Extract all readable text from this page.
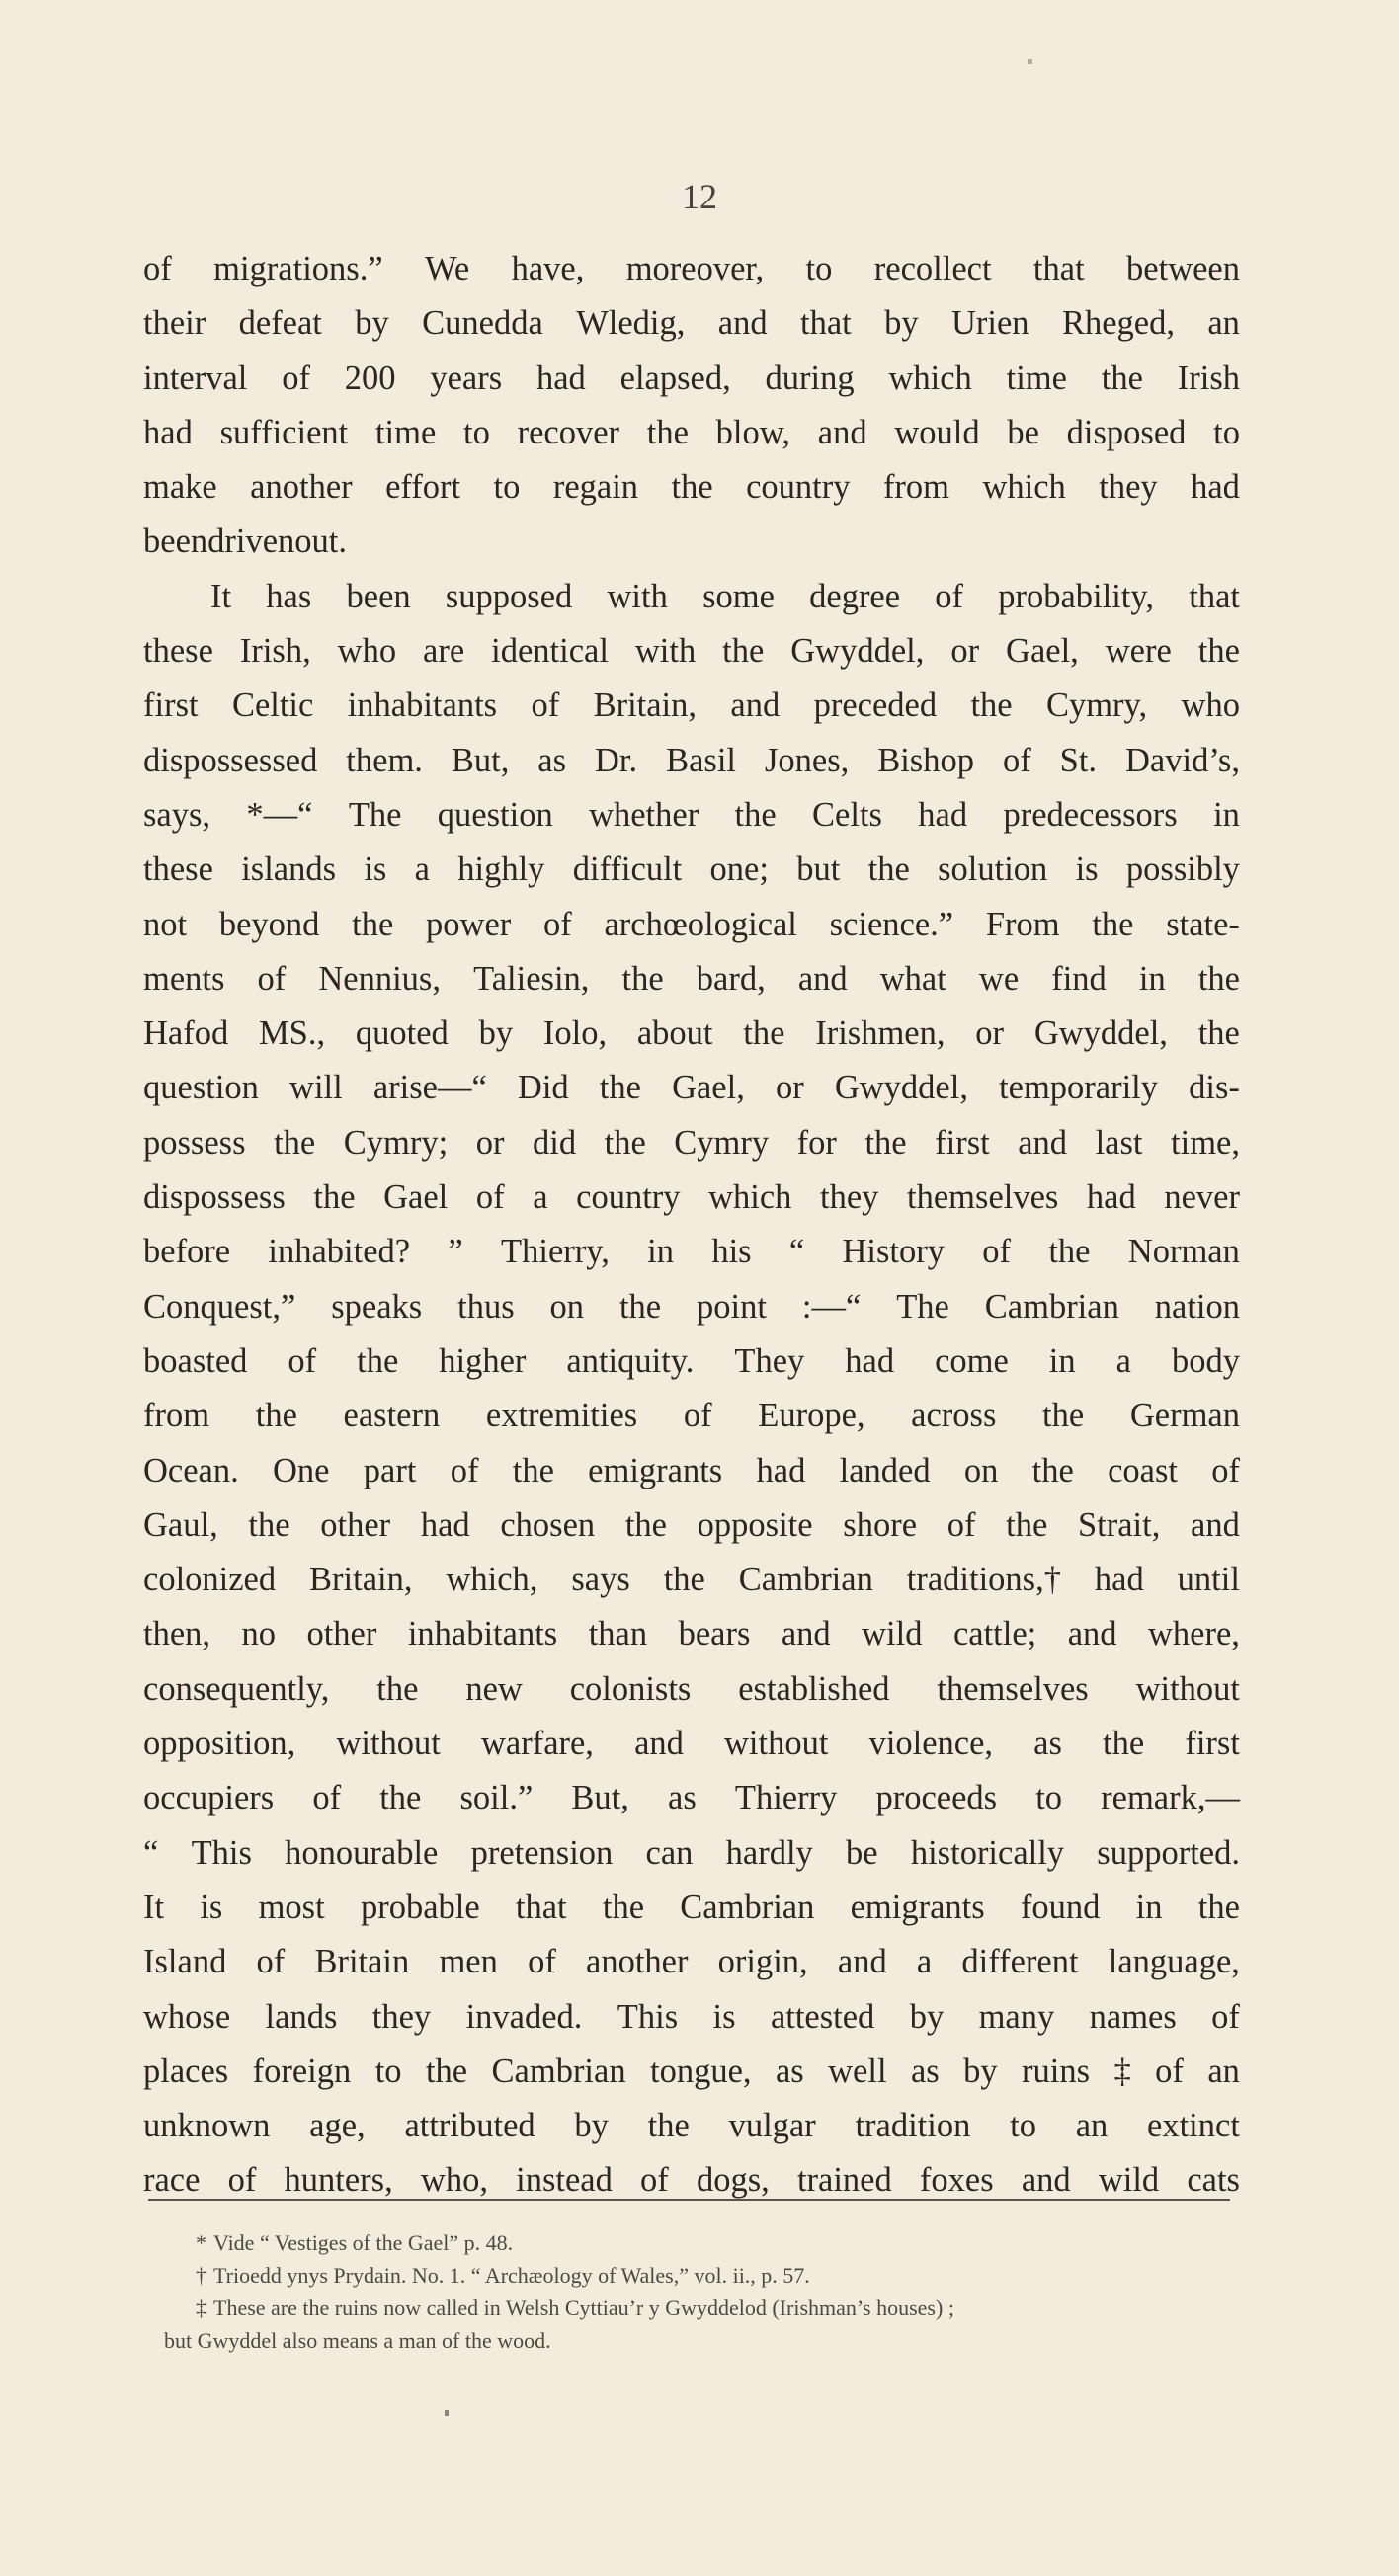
12
of migrations.” We have, moreover, to recollect that between
their defeat by Cunedda Wledig, and that by Urien Rheged, an
interval of 200 years had elapsed, during which time the Irish
had sufficient time to recover the blow, and would be disposed to
make another effort to regain the country from which they had
been driven out.
It has been supposed with some degree of probability, that
these Irish, who are identical with the Gwyddel, or Gael, were the
first Celtic inhabitants of Britain, and preceded the Cymry, who
dispossessed them. But, as Dr. Basil Jones, Bishop of St. David’s,
says, *—“ The question whether the Celts had predecessors in
these islands is a highly difficult one; but the solution is possibly
not beyond the power of archœological science.” From the state-
ments of Nennius, Taliesin, the bard, and what we find in the
Hafod MS., quoted by Iolo, about the Irishmen, or Gwyddel, the
question will arise—“ Did the Gael, or Gwyddel, temporarily dis-
possess the Cymry; or did the Cymry for the first and last time,
dispossess the Gael of a country which they themselves had never
before inhabited? ” Thierry, in his “ History of the Norman
Conquest,” speaks thus on the point :—“ The Cambrian nation
boasted of the higher antiquity. They had come in a body
from the eastern extremities of Europe, across the German
Ocean. One part of the emigrants had landed on the coast of
Gaul, the other had chosen the opposite shore of the Strait, and
colonized Britain, which, says the Cambrian traditions,† had until
then, no other inhabitants than bears and wild cattle; and where,
consequently, the new colonists established themselves without
opposition, without warfare, and without violence, as the first
occupiers of the soil.” But, as Thierry proceeds to remark,—
“ This honourable pretension can hardly be historically supported.
It is most probable that the Cambrian emigrants found in the
Island of Britain men of another origin, and a different language,
whose lands they invaded. This is attested by many names of
places foreign to the Cambrian tongue, as well as by ruins ‡ of an
unknown age, attributed by the vulgar tradition to an extinct
race of hunters, who, instead of dogs, trained foxes and wild cats
* Vide “ Vestiges of the Gael” p. 48.
† Trioedd ynys Prydain. No. 1. “ Archæology of Wales,” vol. ii., p. 57.
‡ These are the ruins now called in Welsh Cyttiau’r y Gwyddelod (Irishman’s houses) ;
but Gwyddel also means a man of the wood.
